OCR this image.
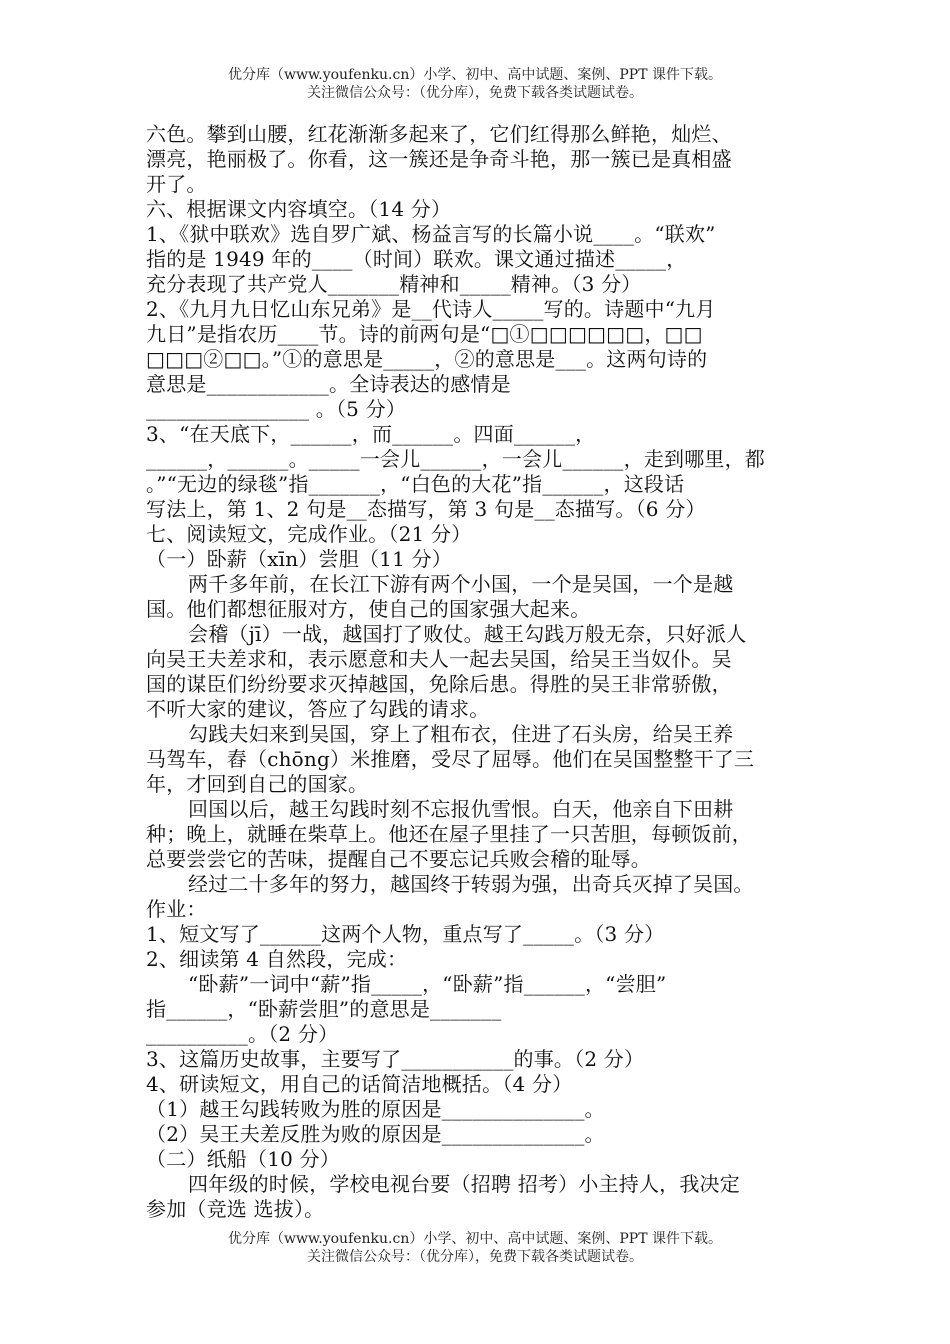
优分库（www.youfenku.cn）小学、初中、高中试题、案例、PPT 课件下载。
关注微信公众号：（优分库），免费下载各类试题试卷。
六色。攀到山腰，红花渐渐多起来了，它们红得那么鲜艳，灿烂、
漂亮，艳丽极了。你看，这一簇还是争奇斗艳，那一簇已是真相盛
开了。
六、根据课文内容填空。（14 分）
1、《狱中联欢》选自罗广斌、杨益言写的长篇小说____。“联欢”
指的是 1949 年的____（时间）联欢。课文通过描述_____，
充分表现了共产党人_______精神和_____精神。（3 分）
2、《九月九日忆山东兄弟》是__代诗人_____写的。诗题中“九月
九日”是指农历____节。诗的前两句是“□①□□□□□□，□□
□□□②□□。”①的意思是_____，②的意思是___。这两句诗的
意思是____________。全诗表达的感情是
________________ 。（5 分）
3、“在天底下，______，而______。四面______，
______，______。_____一会儿______，一会儿______，走到哪里，都
。”“无边的绿毯”指_______，“白色的大花”指______，这段话
写法上，第 1、2 句是__态描写，第 3 句是__态描写。（6 分）
七、阅读短文，完成作业。（21 分）
（一）卧薪（xīn）尝胆（11 分）
两千多年前，在长江下游有两个小国，一个是吴国，一个是越
国。他们都想征服对方，使自己的国家强大起来。
会稽（jī）一战，越国打了败仗。越王勾践万般无奈，只好派人
向吴王夫差求和，表示愿意和夫人一起去吴国，给吴王当奴仆。吴
国的谋臣们纷纷要求灭掉越国，免除后患。得胜的吴王非常骄傲，
不听大家的建议，答应了勾践的请求。
勾践夫妇来到吴国，穿上了粗布衣，住进了石头房，给吴王养
马驾车，舂（chōng）米推磨，受尽了屈辱。他们在吴国整整干了三
年，才回到自己的国家。
回国以后，越王勾践时刻不忘报仇雪恨。白天，他亲自下田耕
种；晚上，就睡在柴草上。他还在屋子里挂了一只苦胆，每顿饭前，
总要尝尝它的苦味，提醒自己不要忘记兵败会稽的耻辱。
经过二十多年的努力，越国终于转弱为强，出奇兵灭掉了吴国。
作业：
1、短文写了______这两个人物，重点写了_____。（3 分）
2、细读第 4 自然段，完成：
“卧薪”一词中“薪”指_____，“卧薪”指______，“尝胆”
指______，“卧薪尝胆”的意思是_______
__________。（2 分）
3、这篇历史故事，主要写了___________的事。（2 分）
4、研读短文，用自己的话简洁地概括。（4 分）
（1）越王勾践转败为胜的原因是______________。
（2）吴王夫差反胜为败的原因是______________。
（二）纸船（10 分）
四年级的时候，学校电视台要（招聘 招考）小主持人，我决定
参加（竞选 选拔）。
优分库（www.youfenku.cn）小学、初中、高中试题、案例、PPT 课件下载。
关注微信公众号：（优分库），免费下载各类试题试卷。
